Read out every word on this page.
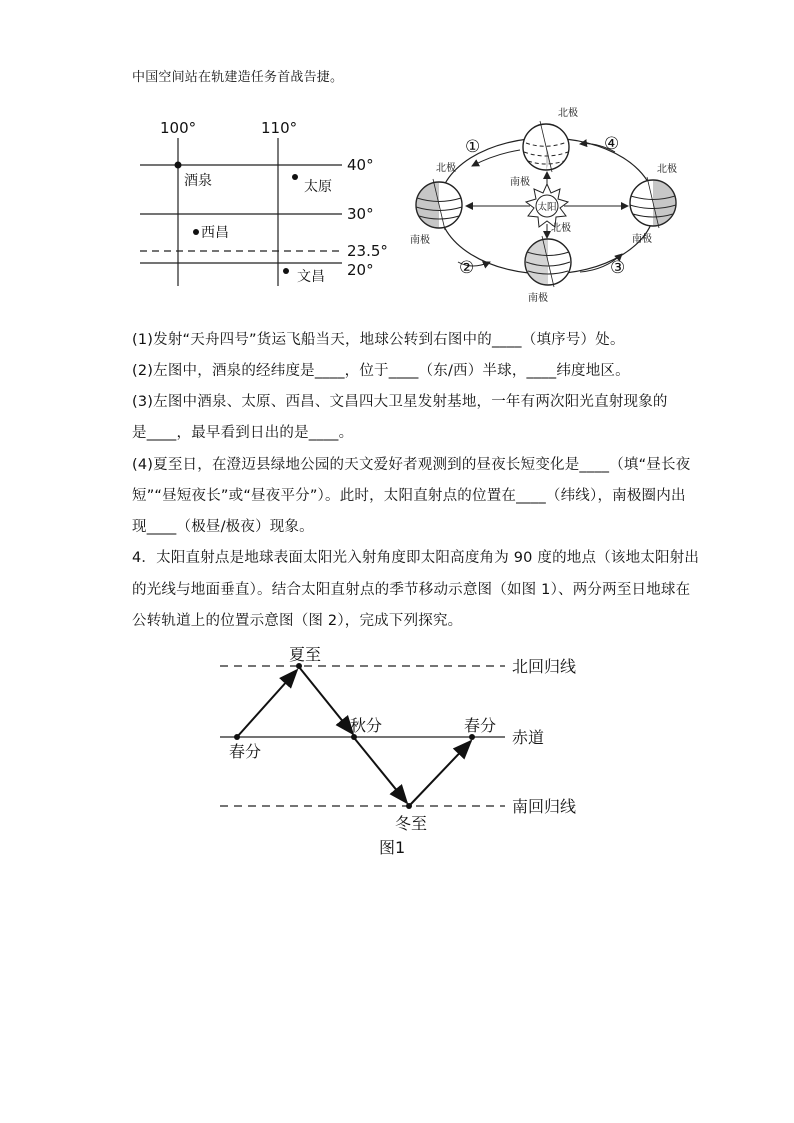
中国空间站在轨建造任务首战告捷。
100°	110°
40°
30°
23.5°
20°
酒泉	太原
西昌
文昌
太阳
北极
南极
北极
南极
北极
南极
北极
南极
①
②	③
④
(1)发射“天舟四号”货运飞船当天，地球公转到右图中的____（填序号）处。
(2)左图中，酒泉的经纬度是____，位于____（东/西）半球，____纬度地区。
(3)左图中酒泉、太原、西昌、文昌四大卫星发射基地，一年有两次阳光直射现象的
是____，最早看到日出的是____。
(4)夏至日，在澄迈县绿地公园的天文爱好者观测到的昼夜长短变化是____（填“昼长夜
短”“昼短夜长”或“昼夜平分”）。此时，太阳直射点的位置在____（纬线），南极圈内出
现____（极昼/极夜）现象。
4．太阳直射点是地球表面太阳光入射角度即太阳高度角为 90 度的地点（该地太阳射出
的光线与地面垂直）。结合太阳直射点的季节移动示意图（如图 1）、两分两至日地球在
公转轨道上的位置示意图（图 2），完成下列探究。
北回归线
赤道
南回归线
夏至
秋分
春分
春分
冬至
图1
